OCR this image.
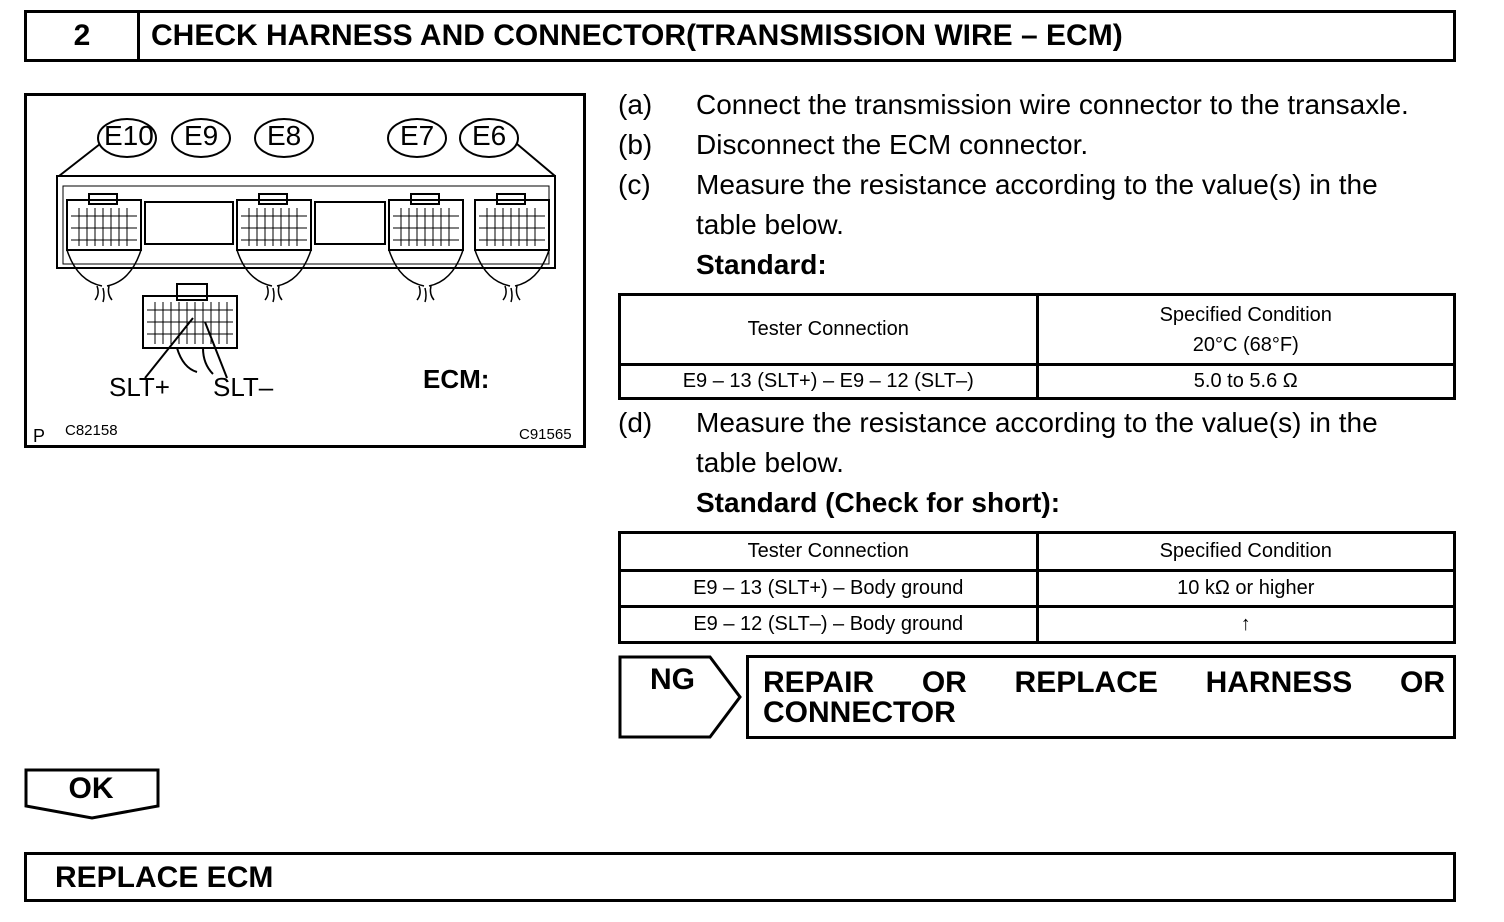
2	CHECK HARNESS AND CONNECTOR(TRANSMISSION WIRE – ECM)
E10 E9 E8	E7 E6
SLT+ SLT–	ECM:
P C82158	C91565
(a)	Connect the transmission wire connector to the transaxle.
(b)	Disconnect the ECM connector.
(c)	Measure the resistance according to the value(s) in the
table below.
Standard:
Tester Connection	Specified Condition
20°C (68°F)

E9 – 13 (SLT+) – E9 – 12 (SLT–)	5.0 to 5.6 Ω
(d)	Measure the resistance according to the value(s) in the
table below.
Standard (Check for short):
Tester Connection	Specified Condition
E9 – 13 (SLT+) – Body ground	10 kΩ or higher
E9 – 12 (SLT–) – Body ground	↑
NG REPAIR OR REPLACE HARNESS OR
CONNECTOR
OK
REPLACE ECM
